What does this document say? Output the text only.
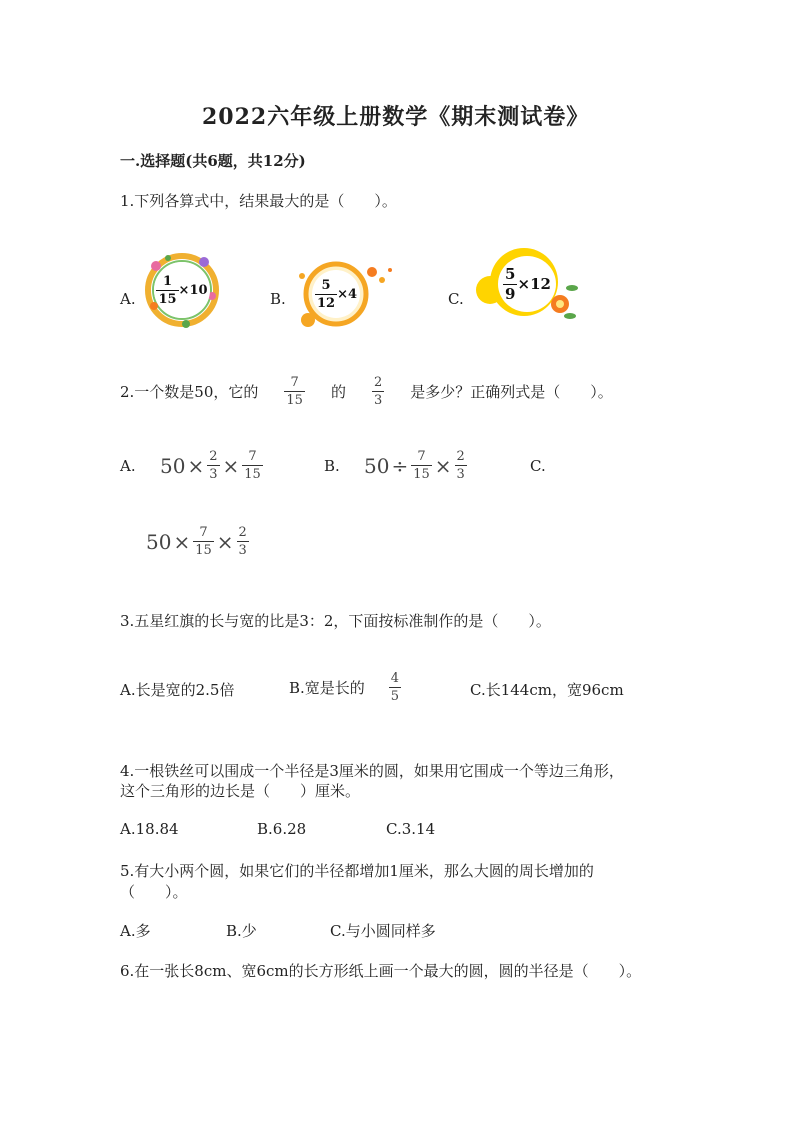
2022六年级上册数学《期末测试卷》
一.选择题(共6题，共12分)
1.下列各算式中，结果最大的是（　　）。
A. $\frac{1}{15} \times 10$	B. $\frac{5}{12} \times 4$	C.	$\frac{5}{9} \times 12$
2.一个数是50，它的 $\frac{7}{15}$ 的 $\frac{2}{3}$ 是多少？正确列式是（　　）。
A. $50 \times \frac{2}{3} \times \frac{7}{15}$	B. $50 \div \frac{7}{15} \times \frac{2}{3}$	C.
$50 \times \frac{7}{15} \times \frac{2}{3}$
3.五星红旗的长与宽的比是3：2，下面按标准制作的是（　　）。
A.长是宽的2.5倍	B.宽是长的 $\frac{4}{5}$	C.长144cm，宽96cm
4.一根铁丝可以围成一个半径是3厘米的圆，如果用它围成一个等边三角形，
这个三角形的边长是（　　）厘米。
A.18.84	B.6.28	C.3.14
5.有大小两个圆，如果它们的半径都增加1厘米，那么大圆的周长增加的
（　　）。
A.多	B.少	C.与小圆同样多
6.在一张长8cm、宽6cm的长方形纸上画一个最大的圆，圆的半径是（　　）。
